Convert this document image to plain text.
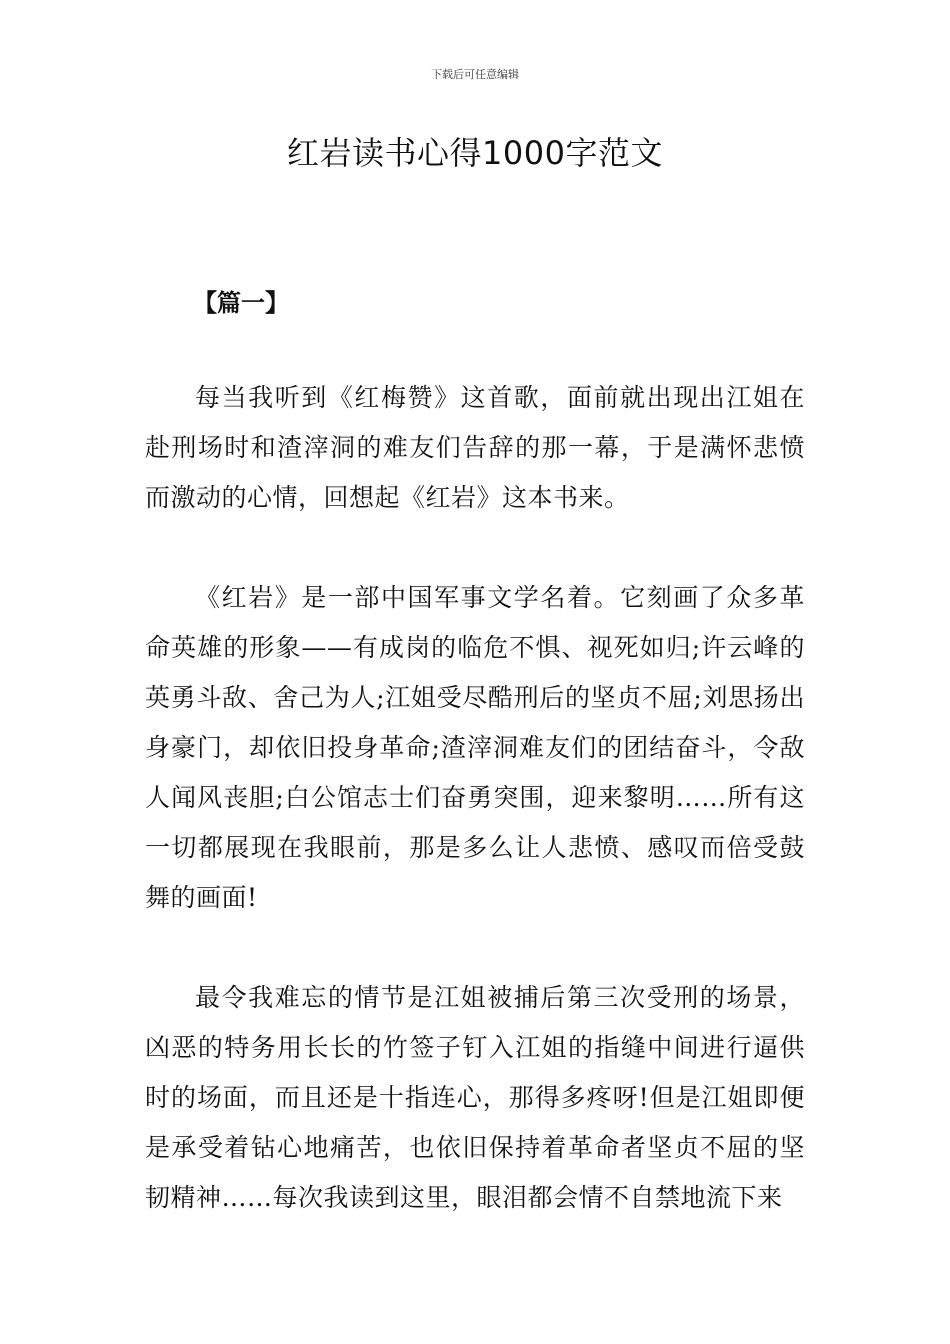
下载后可任意编辑
红岩读书心得1000字范文
【篇一】

每当我听到《红梅赞》这首歌，面前就出现出江姐在赴刑场时和渣滓洞的难友们告辞的那一幕，于是满怀悲愤而激动的心情，回想起《红岩》这本书来。

《红岩》是一部中国军事文学名着。它刻画了众多革命英雄的形象——有成岗的临危不惧、视死如归;许云峰的英勇斗敌、舍己为人;江姐受尽酷刑后的坚贞不屈;刘思扬出身豪门，却依旧投身革命;渣滓洞难友们的团结奋斗，令敌人闻风丧胆;白公馆志士们奋勇突围，迎来黎明……所有这一切都展现在我眼前，那是多么让人悲愤、感叹而倍受鼓舞的画面!

最令我难忘的情节是江姐被捕后第三次受刑的场景，凶恶的特务用长长的竹签子钉入江姐的指缝中间进行逼供时的场面，而且还是十指连心，那得多疼呀!但是江姐即便是承受着钻心地痛苦，也依旧保持着革命者坚贞不屈的坚韧精神……每次我读到这里，眼泪都会情不自禁地流下来
